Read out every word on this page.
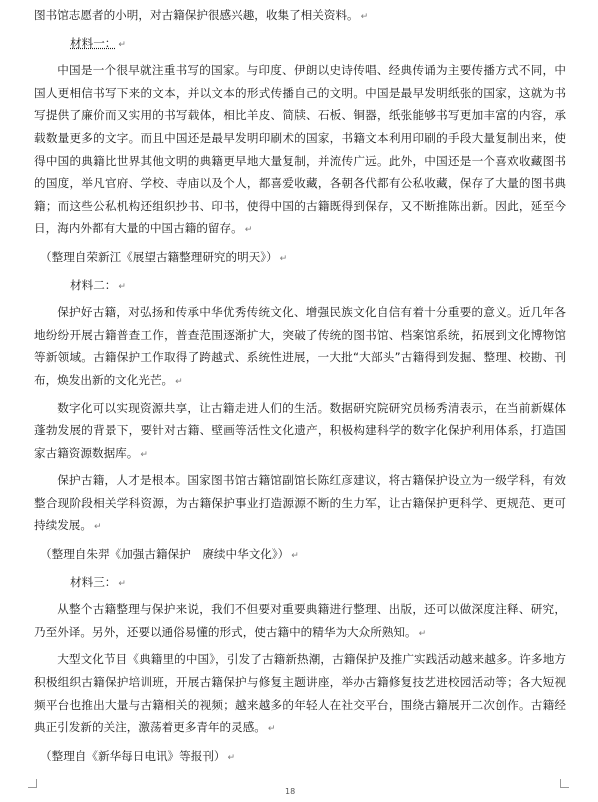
图书馆志愿者的小明，对古籍保护很感兴趣，收集了相关资料。 ↵

材料一： ↵

中国是一个很早就注重书写的国家。与印度、伊朗以史诗传唱、经典传诵为主要传播方式不同，中国人更相信书写下来的文本，并以文本的形式传播自己的文明。中国是最早发明纸张的国家，这就为书写提供了廉价而又实用的书写载体，相比羊皮、简牍、石板、铜器，纸张能够书写更加丰富的内容，承载数量更多的文字。而且中国还是最早发明印刷术的国家，书籍文本利用印刷的手段大量复制出来，使得中国的典籍比世界其他文明的典籍更早地大量复制，并流传广远。此外，中国还是一个喜欢收藏图书的国度，举凡官府、学校、寺庙以及个人，都喜爱收藏，各朝各代都有公私收藏，保存了大量的图书典籍；而这些公私机构还组织抄书、印书，使得中国的古籍既得到保存，又不断推陈出新。因此，延至今日，海内外都有大量的中国古籍的留存。 ↵

（整理自荣新江《展望古籍整理研究的明天》） ↵

材料二： ↵

保护好古籍，对弘扬和传承中华优秀传统文化、增强民族文化自信有着十分重要的意义。近几年各地纷纷开展古籍普查工作，普查范围逐渐扩大，突破了传统的图书馆、档案馆系统，拓展到文化博物馆等新领域。古籍保护工作取得了跨越式、系统性进展，一大批“大部头”古籍得到发掘、整理、校勘、刊布，焕发出新的文化光芒。 ↵

数字化可以实现资源共享，让古籍走进人们的生活。数据研究院研究员杨秀清表示，在当前新媒体蓬勃发展的背景下，要针对古籍、壁画等活性文化遗产，积极构建科学的数字化保护利用体系，打造国家古籍资源数据库。 ↵

保护古籍，人才是根本。国家图书馆古籍馆副馆长陈红彦建议，将古籍保护设立为一级学科，有效整合现阶段相关学科资源，为古籍保护事业打造源源不断的生力军，让古籍保护更科学、更规范、更可持续发展。 ↵

（整理自朱羿《加强古籍保护　赓续中华文化》） ↵

材料三： ↵

从整个古籍整理与保护来说，我们不但要对重要典籍进行整理、出版，还可以做深度注释、研究，乃至外译。另外，还要以通俗易懂的形式，使古籍中的精华为大众所熟知。 ↵

大型文化节目《典籍里的中国》，引发了古籍新热潮，古籍保护及推广实践活动越来越多。许多地方积极组织古籍保护培训班，开展古籍保护与修复主题讲座，举办古籍修复技艺进校园活动等；各大短视频平台也推出大量与古籍相关的视频；越来越多的年轻人在社交平台，围绕古籍展开二次创作。古籍经典正引发新的关注，激荡着更多青年的灵感。 ↵

（整理自《新华每日电讯》等报刊） ↵

18
